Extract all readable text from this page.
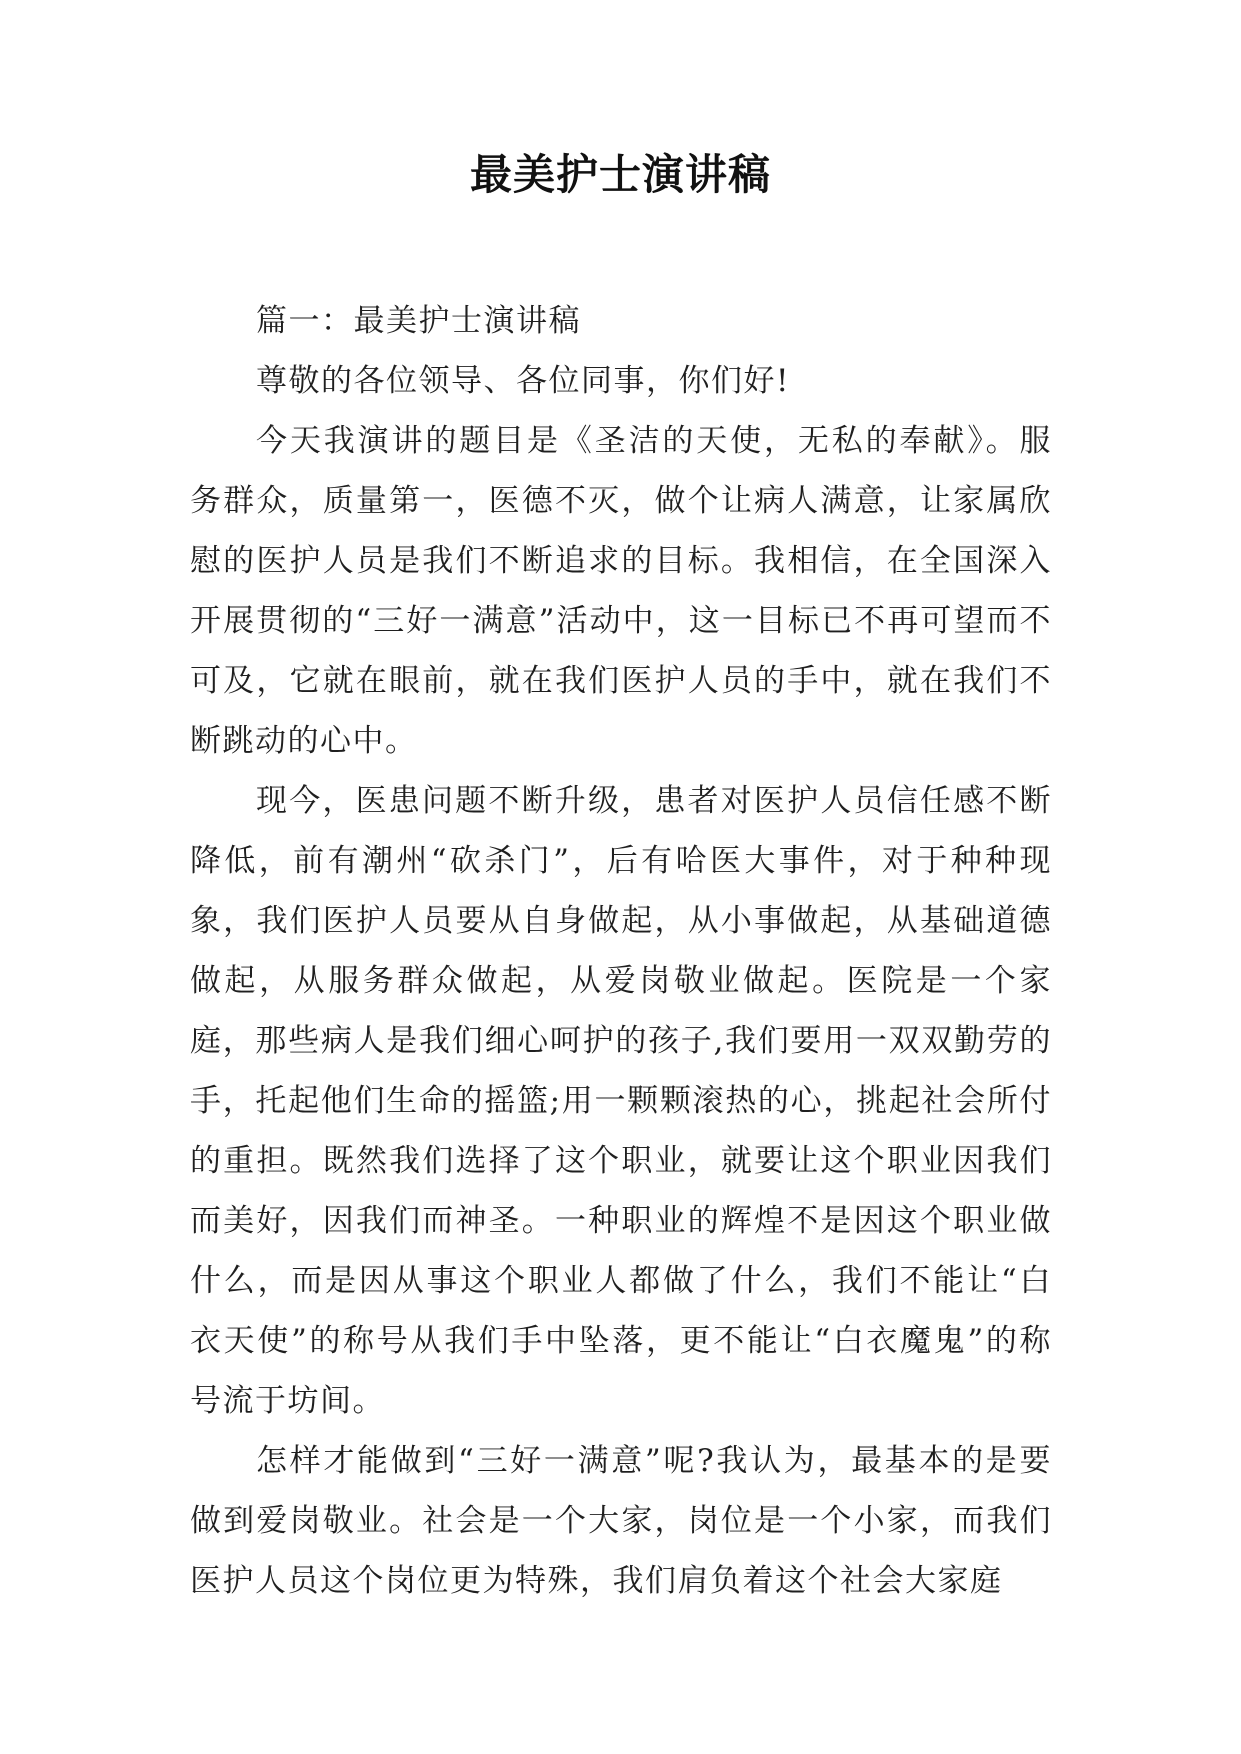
最美护士演讲稿

篇一：最美护士演讲稿

尊敬的各位领导、各位同事，你们好!

今天我演讲的题目是《圣洁的天使，无私的奉献》。服务群众，质量第一，医德不灭，做个让病人满意，让家属欣慰的医护人员是我们不断追求的目标。我相信，在全国深入开展贯彻的“三好一满意”活动中，这一目标已不再可望而不可及，它就在眼前，就在我们医护人员的手中，就在我们不断跳动的心中。

现今，医患问题不断升级，患者对医护人员信任感不断降低，前有潮州“砍杀门”，后有哈医大事件，对于种种现象，我们医护人员要从自身做起，从小事做起，从基础道德做起，从服务群众做起，从爱岗敬业做起。医院是一个家庭，那些病人是我们细心呵护的孩子,我们要用一双双勤劳的手，托起他们生命的摇篮;用一颗颗滚热的心，挑起社会所付的重担。既然我们选择了这个职业，就要让这个职业因我们而美好，因我们而神圣。一种职业的辉煌不是因这个职业做什么，而是因从事这个职业人都做了什么，我们不能让“白衣天使”的称号从我们手中坠落，更不能让“白衣魔鬼”的称号流于坊间。

怎样才能做到“三好一满意”呢?我认为，最基本的是要做到爱岗敬业。社会是一个大家，岗位是一个小家，而我们医护人员这个岗位更为特殊，我们肩负着这个社会大家庭
